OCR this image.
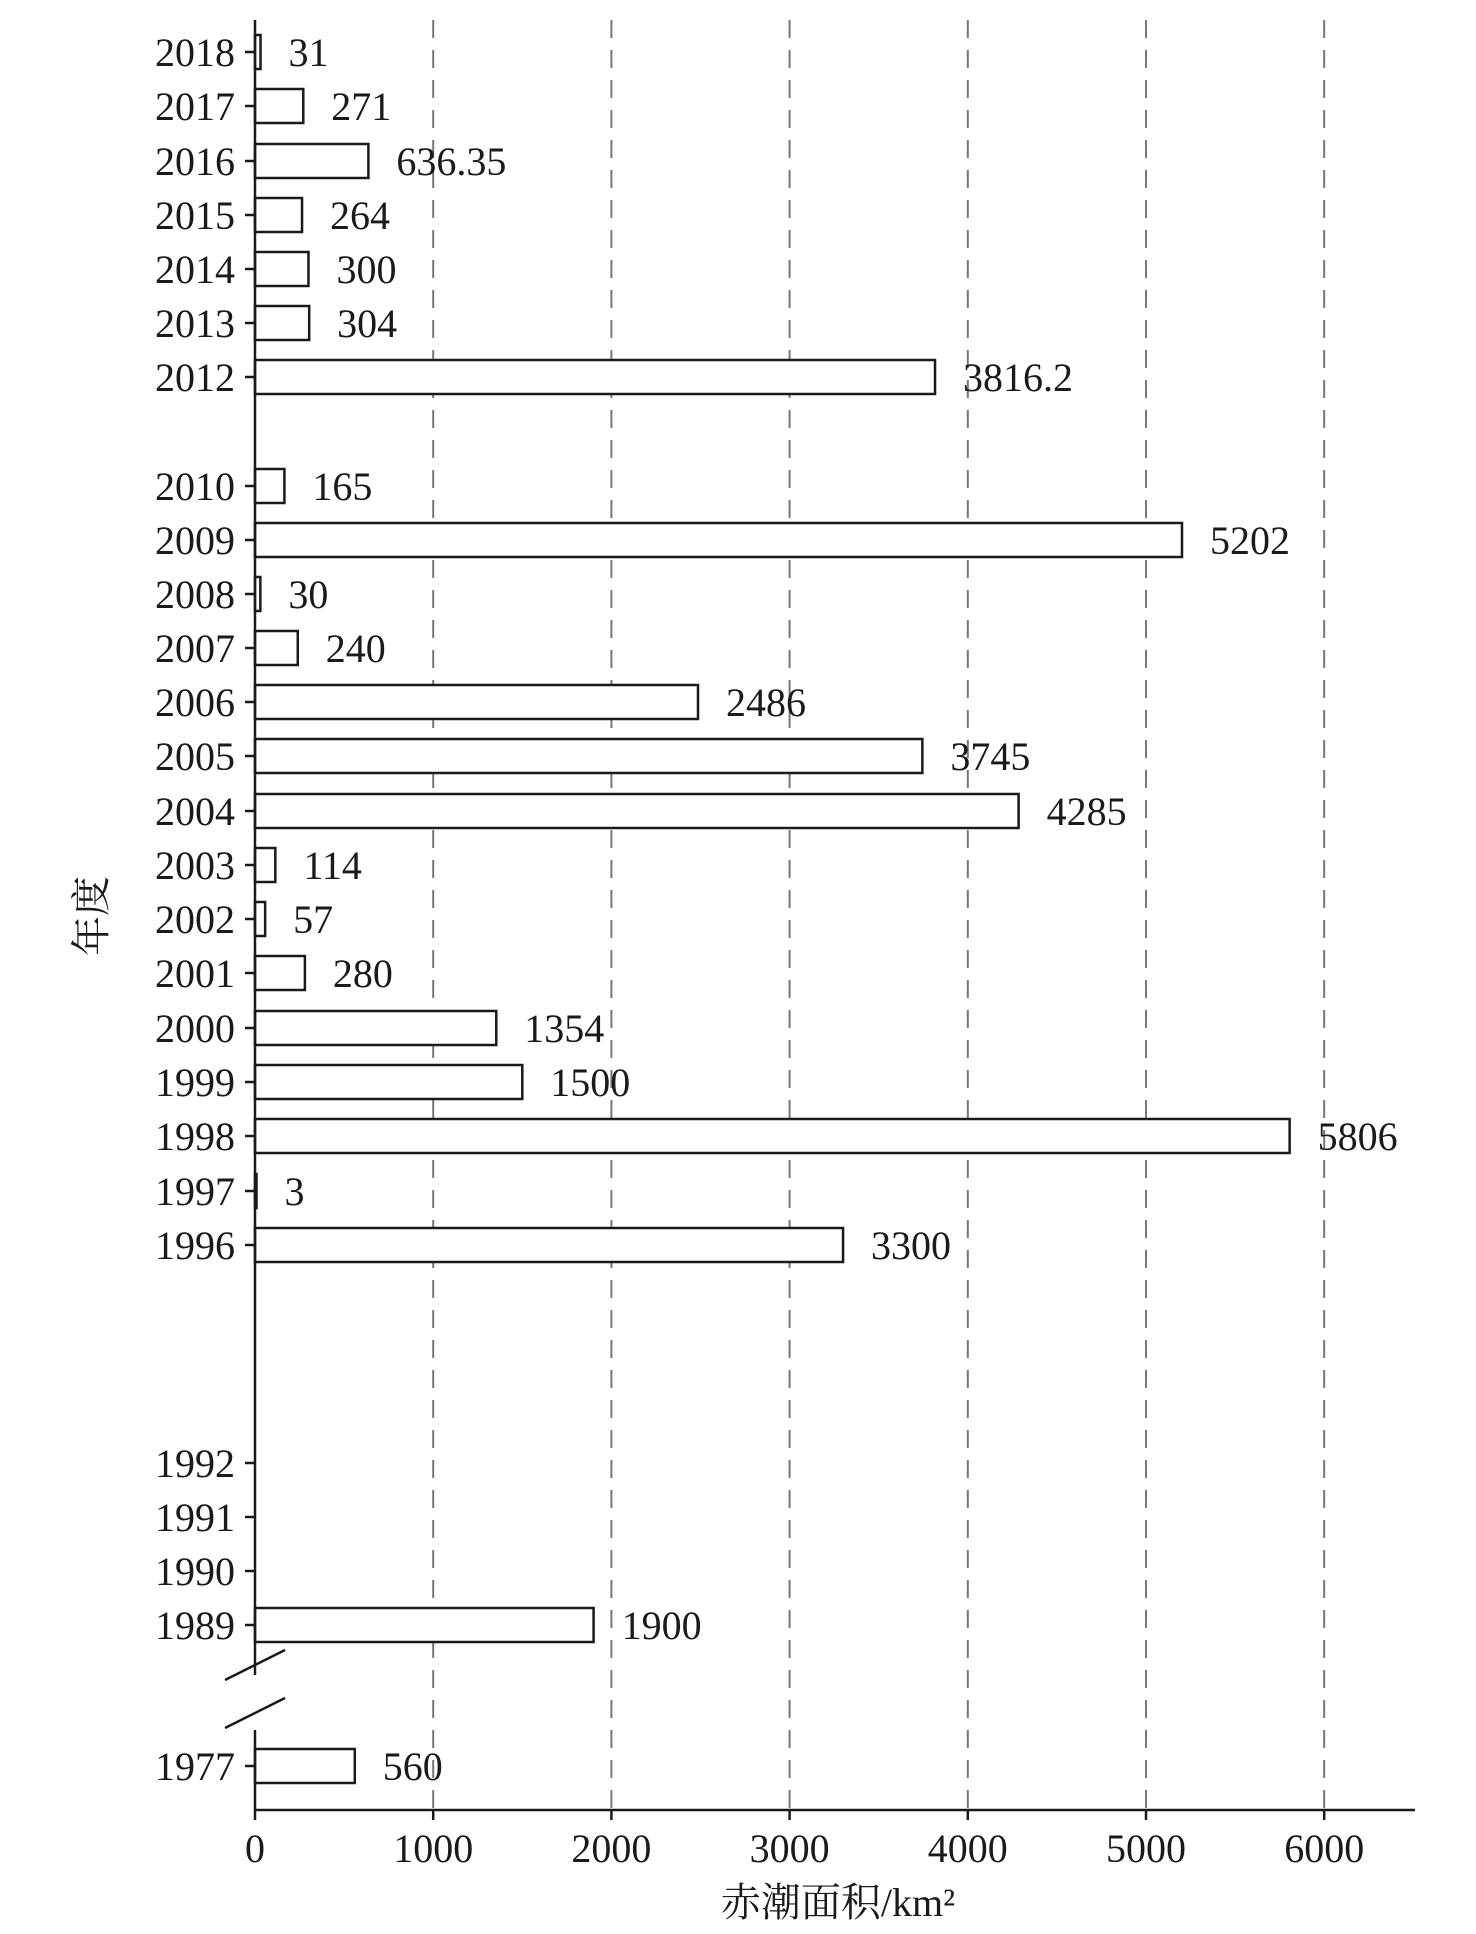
2018 31
2017 271
2016	636.35
2015 264
2014	300
2013	304
2012	3816.2
2010 165
2009	5202
2008 30
2007 240
2006	2486
2005	3745
2004	4285
2003 114
2002 57
2001 280
2000	1354
1999	1500
1998	5806
1997 3
1996	3300
1992
1991
1990
1989	1900
1977	560
0	1000 2000 3000 4000 5000 6000
赤潮面积/km²
年度
